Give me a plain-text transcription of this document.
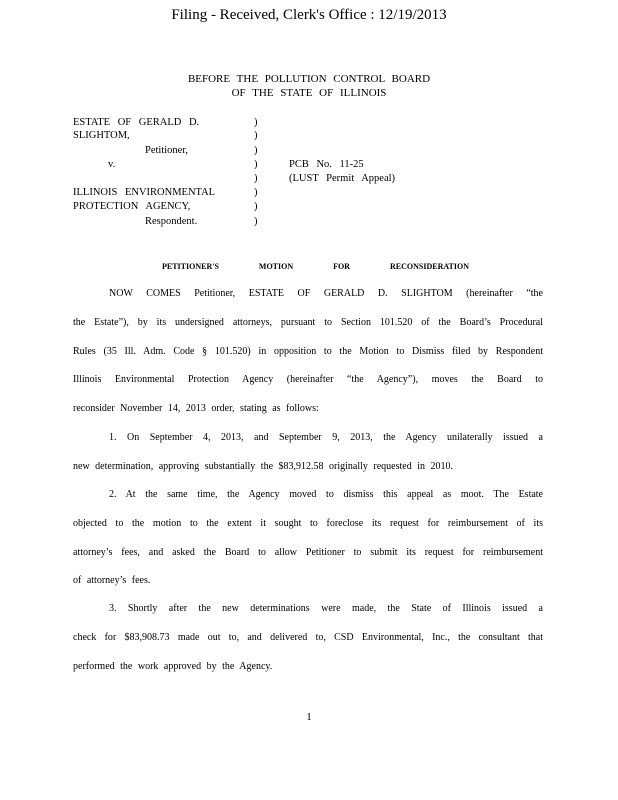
Filing - Received, Clerk's Office : 12/19/2013
BEFORE THE POLLUTION CONTROL BOARD
OF THE STATE OF ILLINOIS
ESTATE OF GERALD D.
SLIGHTOM,
Petitioner,
v.
ILLINOIS ENVIRONMENTAL
PROTECTION AGENCY,
Respondent.
)
)
)
)
)
)
)
)
PCB No. 11-25
(LUST Permit Appeal)
PETITIONER'S MOTION FOR RECONSIDERATION
NOW COMES Petitioner, ESTATE OF GERALD D. SLIGHTOM (hereinafter “the
the Estate”), by its undersigned attorneys, pursuant to Section 101.520 of the Board’s Procedural
Rules (35 Ill. Adm. Code § 101.520) in opposition to the Motion to Dismiss filed by Respondent
Illinois Environmental Protection Agency (hereinafter “the Agency”), moves the Board to
reconsider November 14, 2013 order, stating as follows:
1. On September 4, 2013, and September 9, 2013, the Agency unilaterally issued a
new determination, approving substantially the $83,912.58 originally requested in 2010.
2. At the same time, the Agency moved to dismiss this appeal as moot. The Estate
objected to the motion to the extent it sought to foreclose its request for reimbursement of its
attorney’s fees, and asked the Board to allow Petitioner to submit its request for reimbursement
of attorney’s fees.
3. Shortly after the new determinations were made, the State of Illinois issued a
check for $83,908.73 made out to, and delivered to, CSD Environmental, Inc., the consultant that
performed the work approved by the Agency.
1
